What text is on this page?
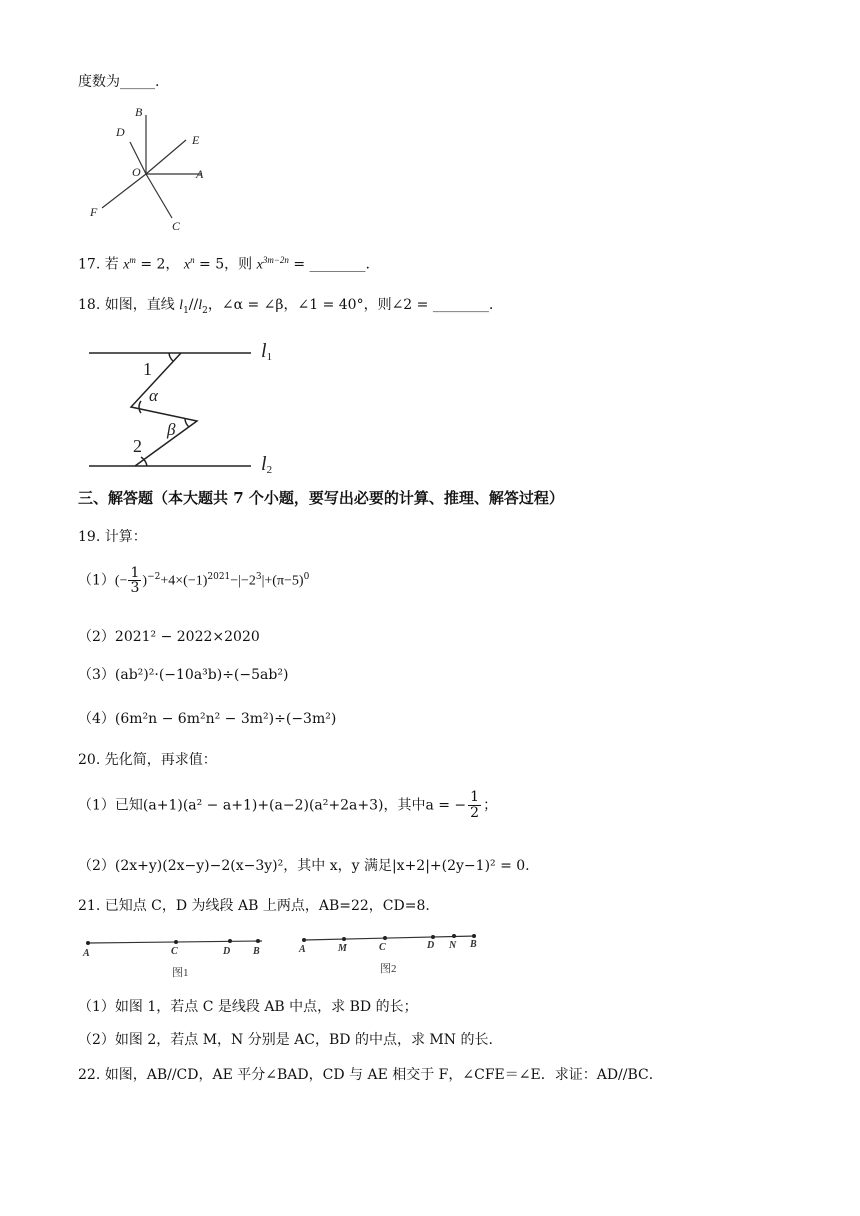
度数为_____.
B
D
E
O	A
F
C
17. 若 $x^m = 2$， $x^n = 5$，则 $x^{3m-2n}$ = ________.
18. 如图，直线 $l_1//l_2$，∠α = ∠β，∠1 = 40°，则∠2 = ________.
l1
l2
1
α
β
2
三、解答题（本大题共 7 个小题，要写出必要的计算、推理、解答过程）
19. 计算：
$(1)(- \frac{1}{3} )^{-2}+4\times(-1)^{2021}-|-2^3|+(\pi-5)^0$
（2）2021² − 2022×2020
（3）(ab²)²·(−10a³b)÷(−5ab²)
（4）(6m²n − 6m²n² − 3m²)÷(−3m²)
20. 先化简，再求值：
（1）已知(a+1)(a² − a+1)+(a−2)(a²+2a+3)，其中a = − $\frac{1}{2}$ ；
（2）(2x+y)(2x−y)−2(x−3y)²，其中 x，y 满足|x+2|+(2y−1)² = 0.
21. 已知点 C，D 为线段 AB 上两点，AB=22，CD=8.
A	C	D B
图1
A	M	C	D N B
图2
（1）如图 1，若点 C 是线段 AB 中点，求 BD 的长；
（2）如图 2，若点 M，N 分别是 AC，BD 的中点，求 MN 的长.
22. 如图，AB//CD，AE 平分∠BAD，CD 与 AE 相交于 F，∠CFE＝∠E．求证：AD//BC．
